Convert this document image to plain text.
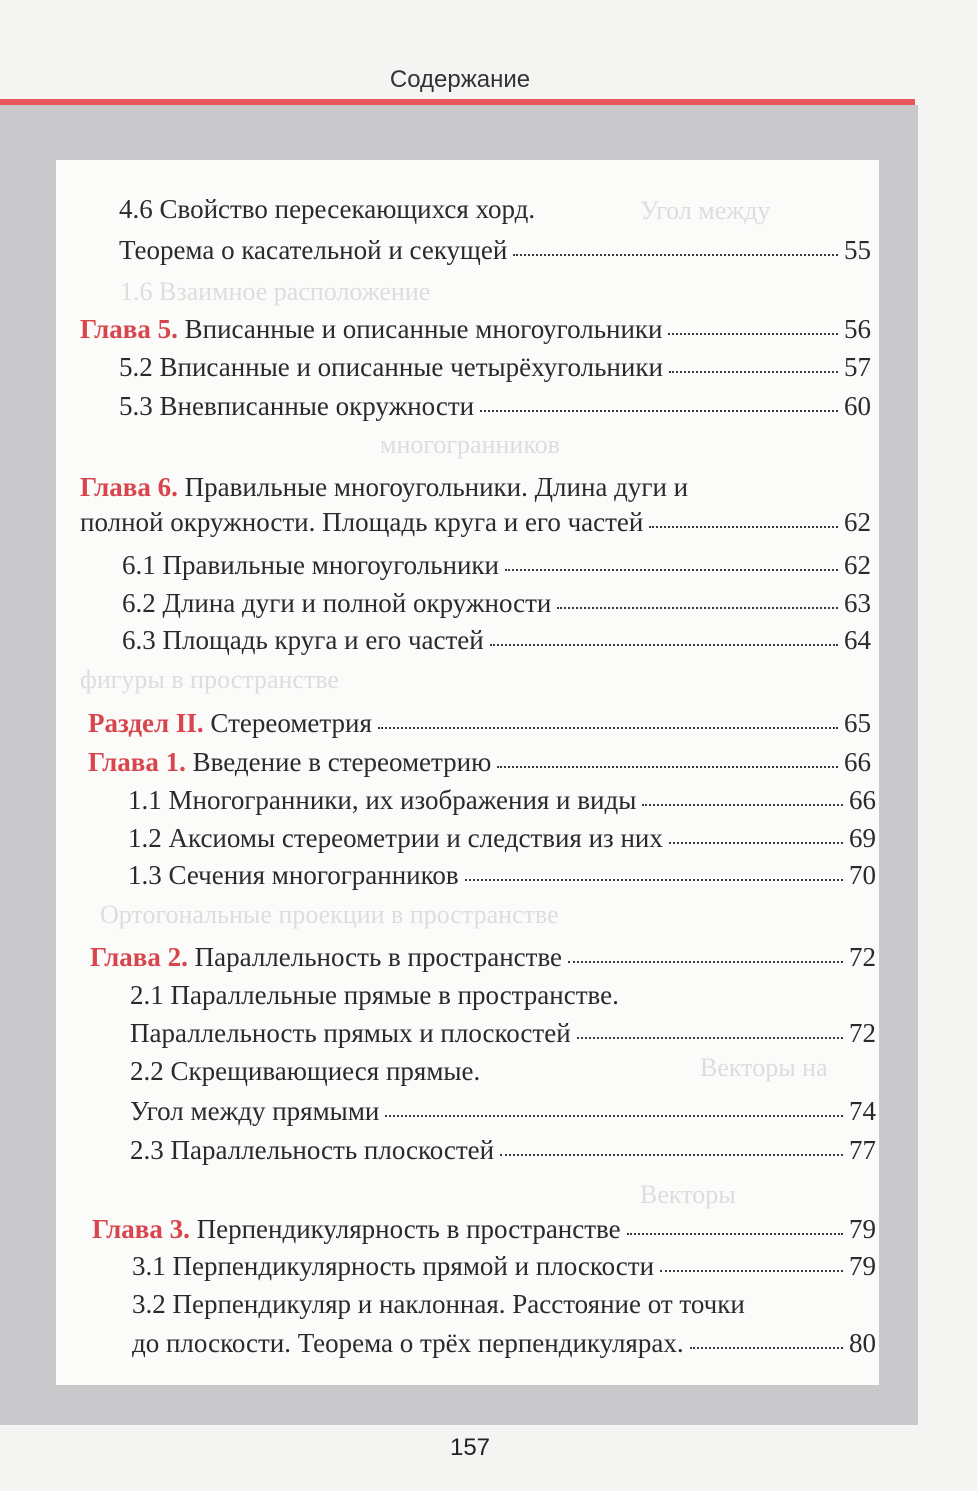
Содержание
Угол между
1.6 Взаимное расположение
многогранников
фигуры в пространстве
Ортогональные проекции в пространстве
Векторы на
Векторы
4.6 Свойство пересекающихся хорд.
Теорема о касательной и секущей	55
Глава 5. Вписанные и описанные многоугольники	56
5.2 Вписанные и описанные четырёхугольники	57
5.3 Вневписанные окружности	60
Глава 6. Правильные многоугольники. Длина дуги и
полной окружности. Площадь круга и его частей	62
6.1 Правильные многоугольники	62
6.2 Длина дуги и полной окружности	63
6.3 Площадь круга и его частей	64
Раздел II. Стереометрия	65
Глава 1. Введение в стереометрию	66
1.1 Многогранники, их изображения и виды	66
1.2 Аксиомы стереометрии и следствия из них	69
1.3 Сечения многогранников	70
Глава 2. Параллельность в пространстве	72
2.1 Параллельные прямые в пространстве.
Параллельность прямых и плоскостей	72
2.2 Скрещивающиеся прямые.
Угол между прямыми	74
2.3 Параллельность плоскостей	77
Глава 3. Перпендикулярность в пространстве	79
3.1 Перпендикулярность прямой и плоскости	79
3.2 Перпендикуляр и наклонная. Расстояние от точки
до плоскости. Теорема о трёх перпендикулярах.	80
157
